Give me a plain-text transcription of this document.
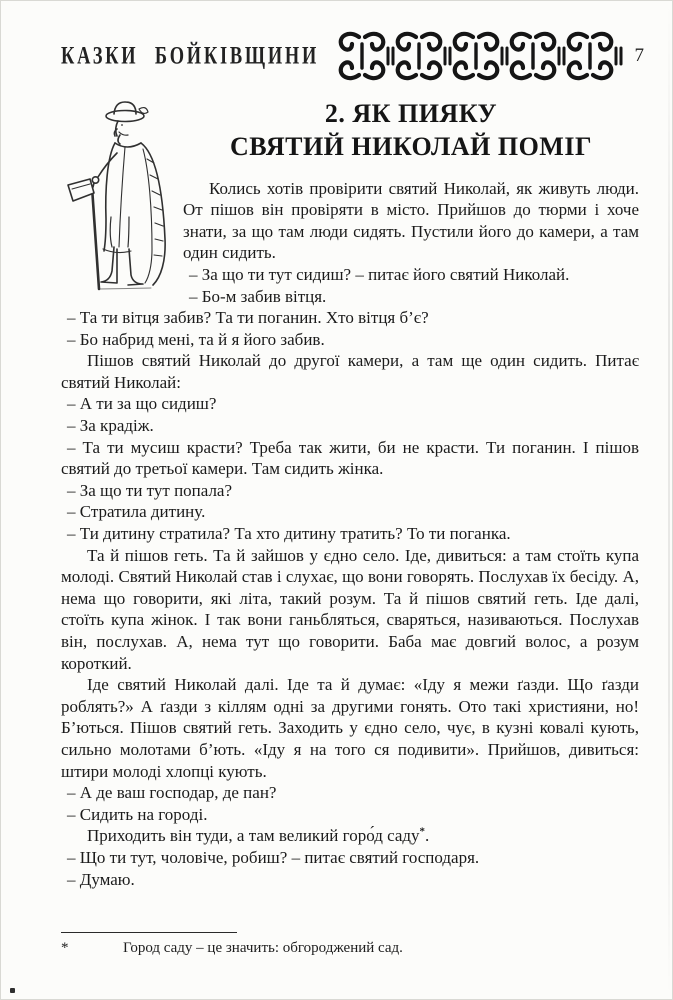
КАЗКИ БОЙКІВЩИНИ	7
2. ЯК ПИЯКУ
СВЯТИЙ НИКОЛАЙ ПОМІГ

Колись хотів провірити святий Николай, як живуть люди. От пішов він провіряти в місто. Прийшов до тюрми і хоче знати, за що там люди сидять. Пустили його до камери, а там один сидить.

– За що ти тут сидиш? – питає його святий Николай.

– Бо-м забив вітця.

– Та ти вітця забив? Та ти поганин. Хто вітця б’є?

– Бо набрид мені, та й я його забив.

Пішов святий Николай до другої камери, а там ще один сидить. Питає святий Николай:

– А ти за що сидиш?

– За крадіж.

– Та ти мусиш красти? Треба так жити, би не красти. Ти поганин. І пішов святий до третьої камери. Там сидить жінка.

– За що ти тут попала?

– Стратила дитину.

– Ти дитину стратила? Та хто дитину тратить? То ти поганка.

Та й пішов геть. Та й зайшов у єдно село. Іде, дивиться: а там стоїть купа молоді. Святий Николай став і слухає, що вони говорять. Послухав їх бесіду. А, нема що говорити, які літа, такий розум. Та й пішов святий геть. Іде далі, стоїть купа жінок. І так вони ганьбляться, сваряться, називаються. Послухав він, послухав. А, нема тут що говорити. Баба має довгий волос, а розум короткий.

Іде святий Николай далі. Іде та й думає: «Іду я межи ґазди. Що ґазди роблять?» А ґазди з кіллям одні за другими гонять. Ото такі християни, но! Б’ються. Пішов святий геть. Заходить у єдно село, чує, в кузні ковалі кують, сильно молотами б’ють. «Іду я на того ся подивити». Прийшов, дивиться: штири молоді хлопці кують.

– А де ваш господар, де пан?

– Сидить на городі.

Приходить він туди, а там великий горо́д саду*.

– Що ти тут, чоловіче, робиш? – питає святий господаря.

– Думаю.

*	Город саду – це значить: обгороджений сад.
